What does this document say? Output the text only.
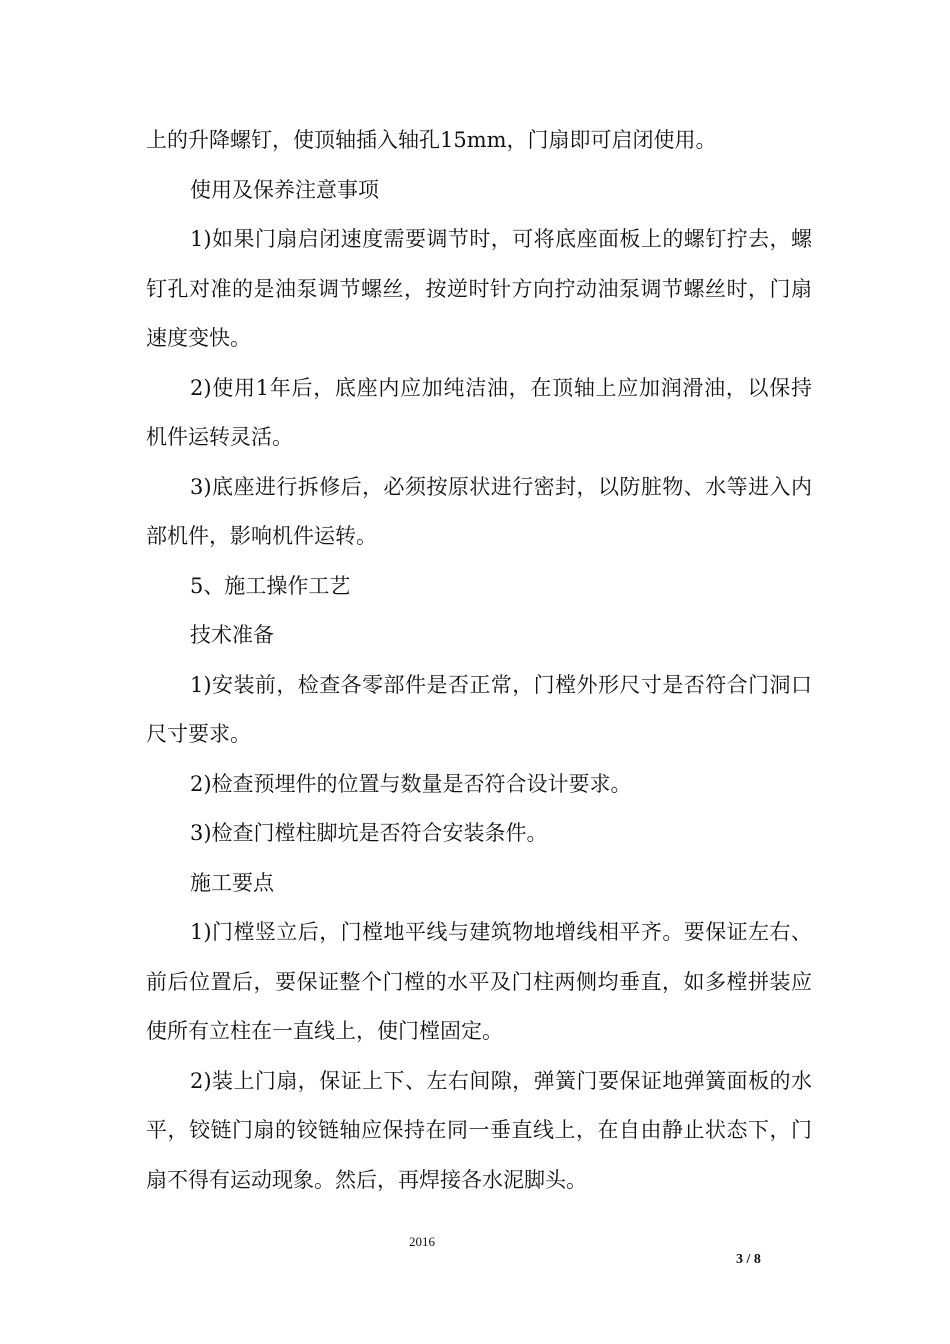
上的升降螺钉，使顶轴插入轴孔15mm，门扇即可启闭使用。

使用及保养注意事项

1)如果门扇启闭速度需要调节时，可将底座面板上的螺钉拧去，螺钉孔对准的是油泵调节螺丝，按逆时针方向拧动油泵调节螺丝时，门扇速度变快。

2)使用1年后，底座内应加纯洁油，在顶轴上应加润滑油，以保持机件运转灵活。

3)底座进行拆修后，必须按原状进行密封，以防脏物、水等进入内部机件，影响机件运转。

5、施工操作工艺

技术准备

1)安装前，检查各零部件是否正常，门樘外形尺寸是否符合门洞口尺寸要求。

2)检查预埋件的位置与数量是否符合设计要求。

3)检查门樘柱脚坑是否符合安装条件。

施工要点

1)门樘竖立后，门樘地平线与建筑物地增线相平齐。要保证左右、前后位置后，要保证整个门樘的水平及门柱两侧均垂直，如多樘拼装应使所有立柱在一直线上，使门樘固定。

2)装上门扇，保证上下、左右间隙，弹簧门要保证地弹簧面板的水平，铰链门扇的铰链轴应保持在同一垂直线上，在自由静止状态下，门扇不得有运动现象。然后，再焊接各水泥脚头。

2016
3 / 8
